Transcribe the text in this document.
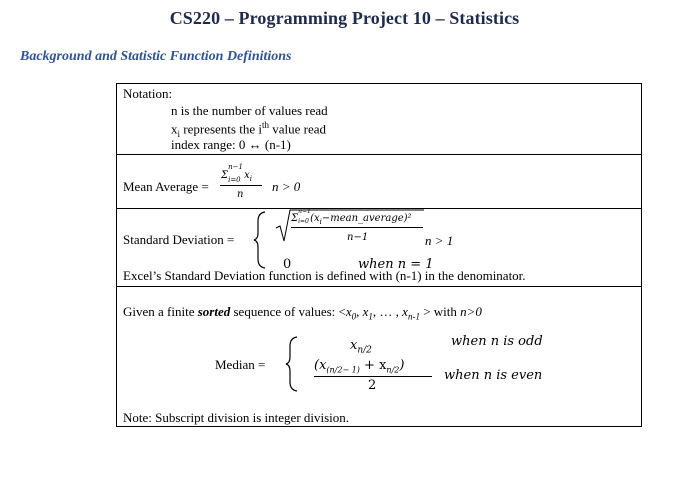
CS220 – Programming Project 10 – Statistics
Background and Statistic Function Definitions
Notation:
n is the number of values read
$x_i$ represents the $i^{th}$ value read
index range: 0 ↔ (n-1)
Mean Average =
Σ
n−1
i=0 $x_i$
n
n > 0
Standard Deviation =
Σ
n−1
i=0 $(x_i-mean\_average)^2$
n−1	n > 1
0	when n = 1
Excel’s Standard Deviation function is defined with (n-1) in the denominator.
Given a finite sorted sequence of values: $<x_0$, $x_1$, … , $x_{n-1}$ > with n>0
Median =
$x_{n/2}$
when n is odd
$(x_{(n/2- 1)} + x_{n/2})$
2
when n is even
Note: Subscript division is integer division.
